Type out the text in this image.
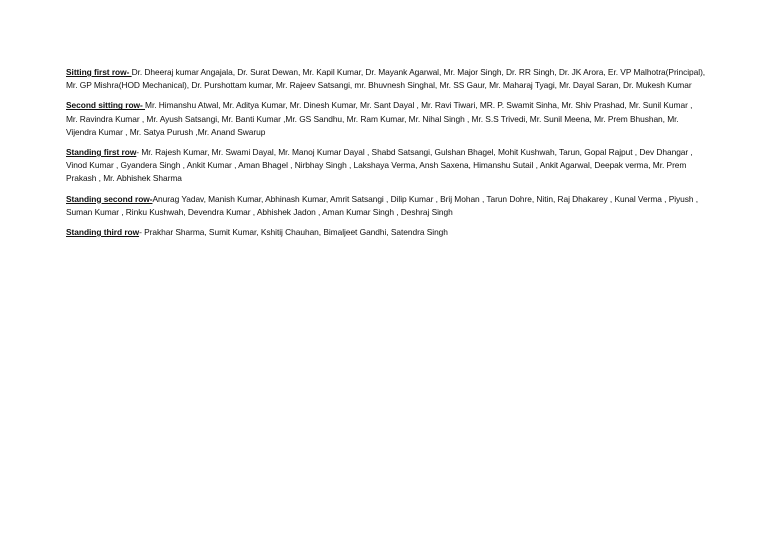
Sitting first row- Dr. Dheeraj kumar Angajala, Dr. Surat Dewan, Mr. Kapil Kumar, Dr. Mayank Agarwal, Mr. Major Singh, Dr. RR Singh, Dr. JK Arora, Er. VP Malhotra(Principal), Mr. GP Mishra(HOD Mechanical), Dr. Purshottam kumar, Mr. Rajeev Satsangi, mr. Bhuvnesh Singhal, Mr. SS Gaur, Mr. Maharaj Tyagi, Mr. Dayal Saran, Dr. Mukesh Kumar

Second sitting row- Mr. Himanshu Atwal, Mr. Aditya Kumar, Mr. Dinesh Kumar, Mr. Sant Dayal , Mr. Ravi Tiwari, MR. P. Swamit Sinha, Mr. Shiv Prashad, Mr. Sunil Kumar , Mr. Ravindra Kumar , Mr. Ayush Satsangi, Mr. Banti Kumar ,Mr. GS Sandhu, Mr. Ram Kumar, Mr. Nihal Singh , Mr. S.S Trivedi, Mr. Sunil Meena, Mr. Prem Bhushan, Mr. Vijendra Kumar , Mr. Satya Purush ,Mr. Anand Swarup

Standing first row- Mr. Rajesh Kumar, Mr. Swami Dayal, Mr. Manoj Kumar Dayal , Shabd Satsangi, Gulshan Bhagel, Mohit Kushwah, Tarun, Gopal Rajput , Dev Dhangar , Vinod Kumar , Gyandera Singh , Ankit Kumar , Aman Bhagel , Nirbhay Singh , Lakshaya Verma, Ansh Saxena, Himanshu Sutail , Ankit Agarwal, Deepak verma, Mr. Prem Prakash , Mr. Abhishek Sharma

Standing second row-Anurag Yadav, Manish Kumar, Abhinash Kumar, Amrit Satsangi , Dilip Kumar , Brij Mohan , Tarun Dohre, Nitin, Raj Dhakarey , Kunal Verma , Piyush , Suman Kumar , Rinku Kushwah, Devendra Kumar , Abhishek Jadon , Aman Kumar Singh , Deshraj Singh

Standing third row- Prakhar Sharma, Sumit Kumar, Kshitij Chauhan, Bimaljeet Gandhi, Satendra Singh
